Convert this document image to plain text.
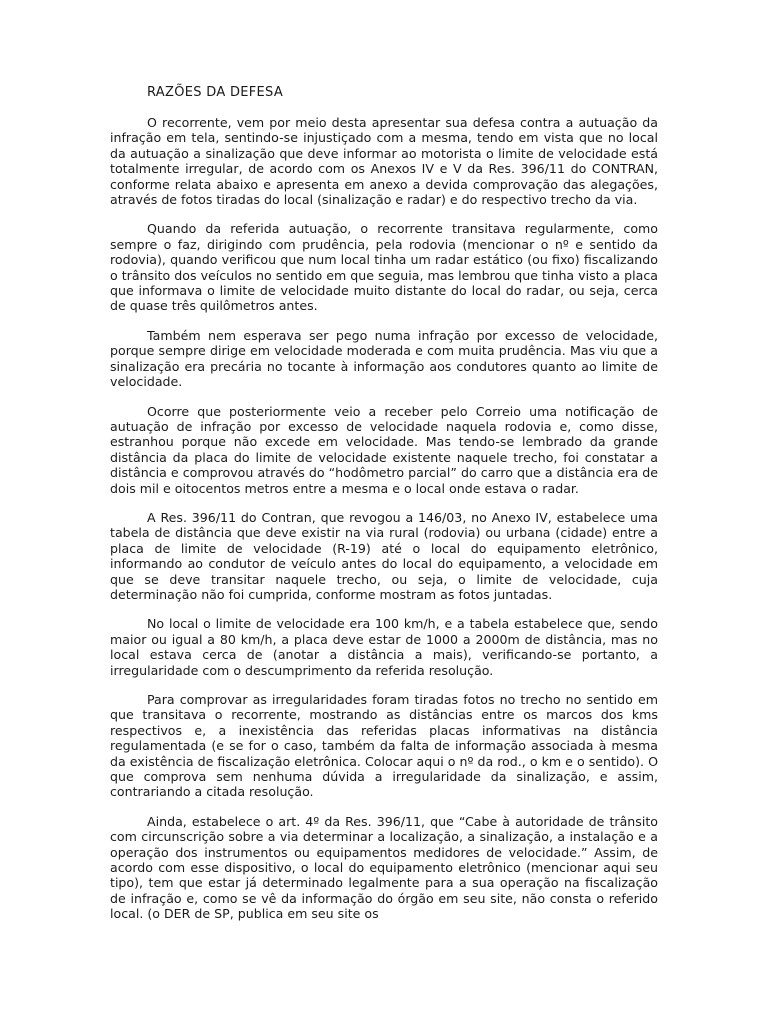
RAZÕES DA DEFESA

O recorrente, vem por meio desta apresentar sua defesa contra a autuação da infração em tela, sentindo-se injustiçado com a mesma, tendo em vista que no local da autuação a sinalização que deve informar ao motorista o limite de velocidade está totalmente irregular, de acordo com os Anexos IV e V da Res. 396/11 do CONTRAN, conforme relata abaixo e apresenta em anexo a devida comprovação das alegações, através de fotos tiradas do local (sinalização e radar) e do respectivo trecho da via.

Quando da referida autuação, o recorrente transitava regularmente, como sempre o faz, dirigindo com prudência, pela rodovia (mencionar o nº e sentido da rodovia), quando verificou que num local tinha um radar estático (ou fixo) fiscalizando o trânsito dos veículos no sentido em que seguia, mas lembrou que tinha visto a placa que informava o limite de velocidade muito distante do local do radar, ou seja, cerca de quase três quilômetros antes.

Também nem esperava ser pego numa infração por excesso de velocidade, porque sempre dirige em velocidade moderada e com muita prudência. Mas viu que a sinalização era precária no tocante à informação aos condutores quanto ao limite de velocidade.

Ocorre que posteriormente veio a receber pelo Correio uma notificação de autuação de infração por excesso de velocidade naquela rodovia e, como disse, estranhou porque não excede em velocidade. Mas tendo-se lembrado da grande distância da placa do limite de velocidade existente naquele trecho, foi constatar a distância e comprovou através do “hodômetro parcial” do carro que a distância era de dois mil e oitocentos metros entre a mesma e o local onde estava o radar.

A Res. 396/11 do Contran, que revogou a 146/03, no Anexo IV, estabelece uma tabela de distância que deve existir na via rural (rodovia) ou urbana (cidade) entre a placa de limite de velocidade (R-19) até o local do equipamento eletrônico, informando ao condutor de veículo antes do local do equipamento, a velocidade em que se deve transitar naquele trecho, ou seja, o limite de velocidade, cuja determinação não foi cumprida, conforme mostram as fotos juntadas.

No local o limite de velocidade era 100 km/h, e a tabela estabelece que, sendo maior ou igual a 80 km/h, a placa deve estar de 1000 a 2000m de distância, mas no local estava cerca de (anotar a distância a mais), verificando-se portanto, a irregularidade com o descumprimento da referida resolução.

Para comprovar as irregularidades foram tiradas fotos no trecho no sentido em que transitava o recorrente, mostrando as distâncias entre os marcos dos kms respectivos e, a inexistência das referidas placas informativas na distância regulamentada (e se for o caso, também da falta de informação associada à mesma da existência de fiscalização eletrônica. Colocar aqui o nº da rod., o km e o sentido). O que comprova sem nenhuma dúvida a irregularidade da sinalização, e assim, contrariando a citada resolução.

Ainda, estabelece o art. 4º da Res. 396/11, que “Cabe à autoridade de trânsito com circunscrição sobre a via determinar a localização, a sinalização, a instalação e a operação dos instrumentos ou equipamentos medidores de velocidade.” Assim, de acordo com esse dispositivo, o local do equipamento eletrônico (mencionar aqui seu tipo), tem que estar já determinado legalmente para a sua operação na fiscalização de infração e, como se vê da informação do órgão em seu site, não consta o referido local. (o DER de SP, publica em seu site os
